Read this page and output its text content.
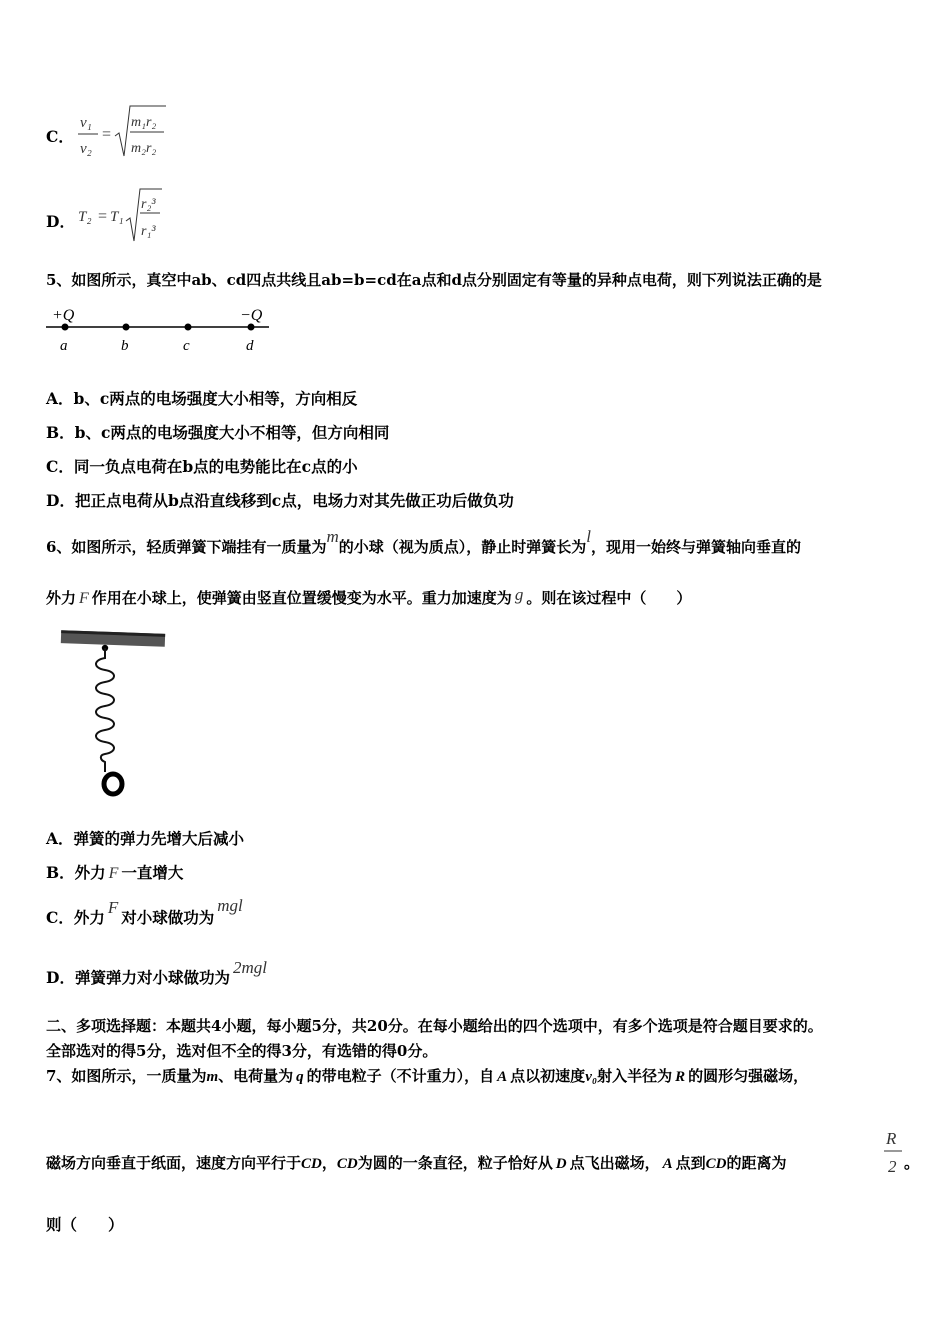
C．
v₁
v₂
=
m₁r₂
m₂r₂
D． T₂ = T₁
r₂³
r₁³
5、如图所示，真空中ab、cd四点共线且ab=b=cd在a点和d点分别固定有等量的异种点电荷，则下列说法正确的是
+Q	−Q
a	b	c	d
A．b、c两点的电场强度大小相等，方向相反
B．b、c两点的电场强度大小不相等，但方向相同
C．同一负点电荷在b点的电势能比在c点的小
D．把正点电荷从b点沿直线移到c点，电场力对其先做正功后做负功
6、如图所示，轻质弹簧下端挂有一质量为m的小球（视为质点），静止时弹簧长为l，现用一始终与弹簧轴向垂直的
外力 F 作用在小球上，使弹簧由竖直位置缓慢变为水平。重力加速度为 g 。则在该过程中（　　）
A．弹簧的弹力先增大后减小
B．外力 F 一直增大
C．外力F对小球做功为mgl
D．弹簧弹力对小球做功为2mgl
二、多项选择题：本题共4小题，每小题5分，共20分。在每小题给出的四个选项中，有多个选项是符合题目要求的。
全部选对的得5分，选对但不全的得3分，有选错的得0分。
7、如图所示，一质量为m、电荷量为 q 的带电粒子（不计重力），自 A 点以初速度v₀射入半径为 R 的圆形匀强磁场，
磁场方向垂直于纸面，速度方向平行于CD，CD为圆的一条直径，粒子恰好从 D 点飞出磁场， A 点到CD的距离为
R
2 。
则（　　）
